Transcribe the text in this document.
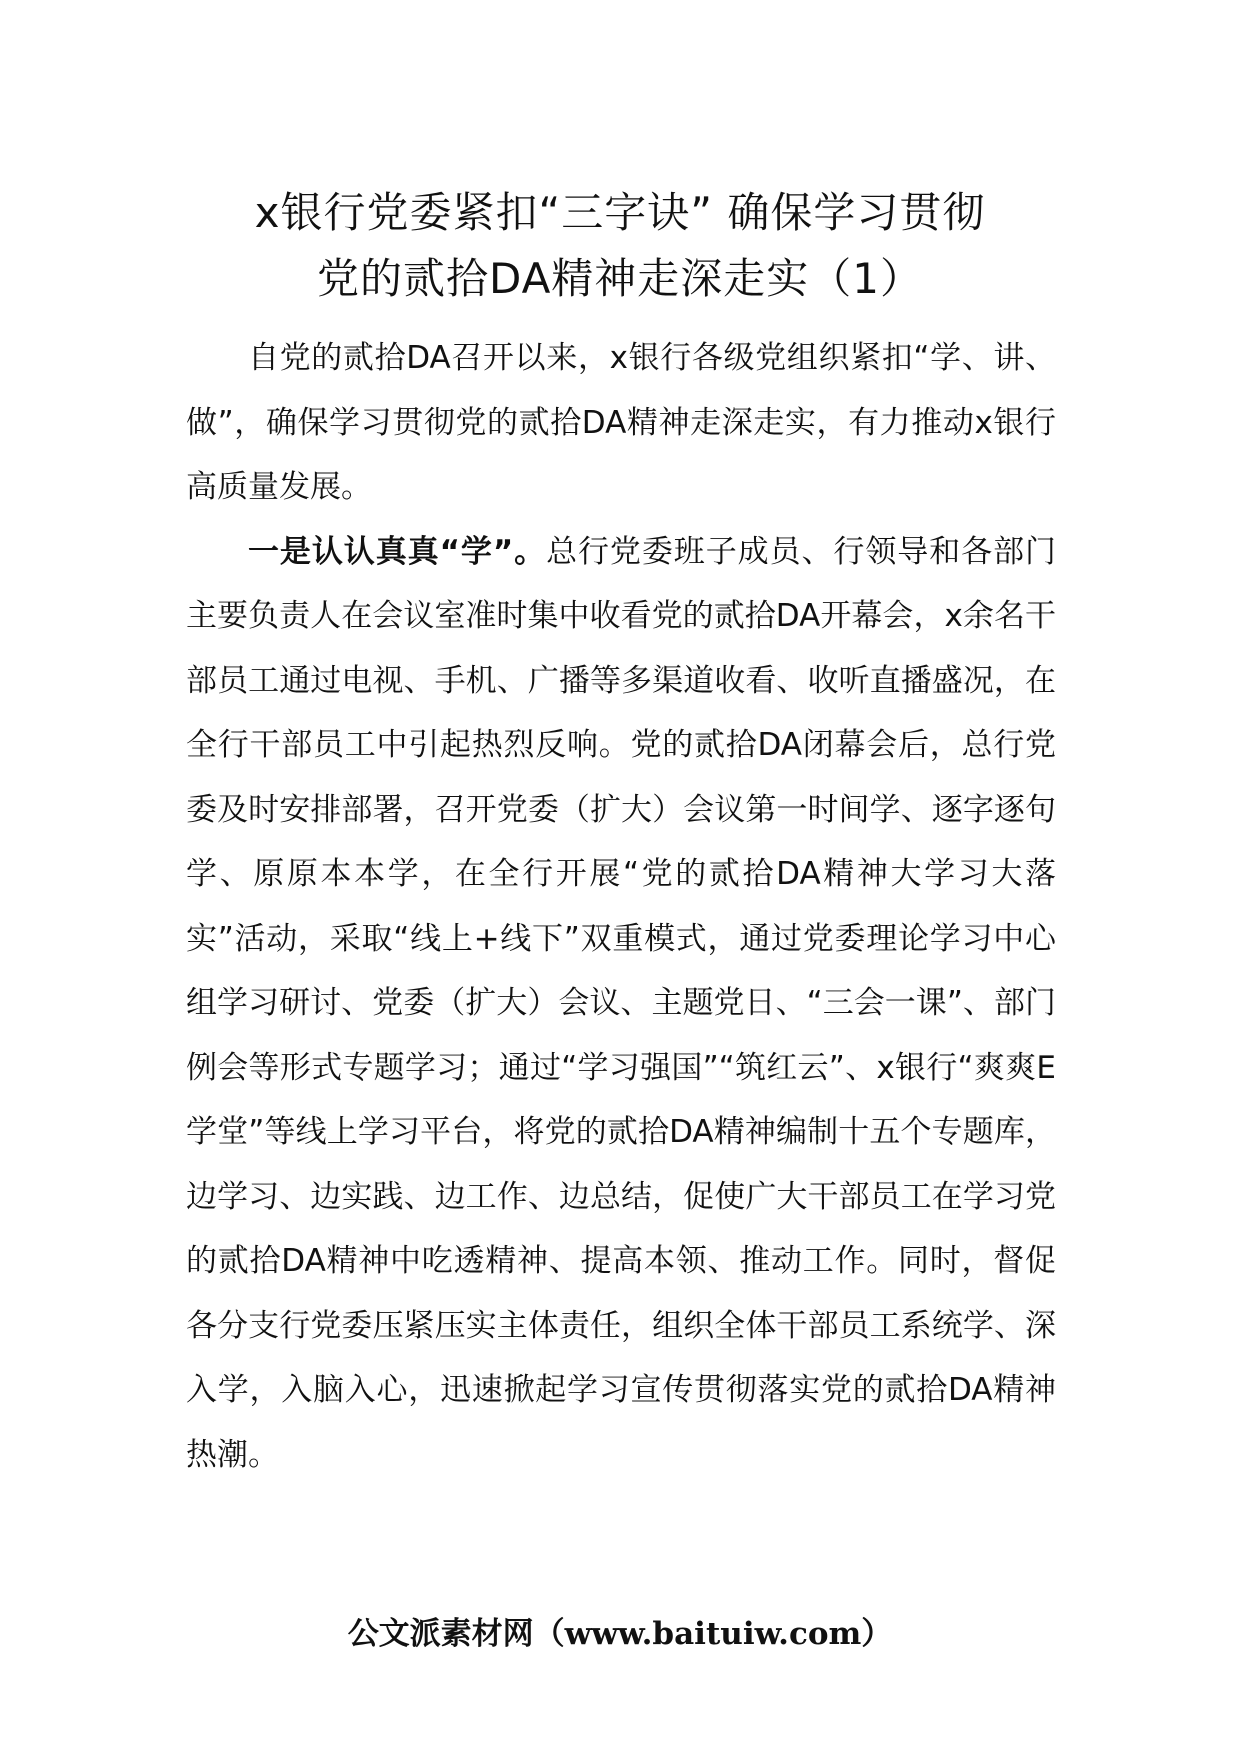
x银行党委紧扣“三字诀” 确保学习贯彻
党的贰拾DA精神走深走实（1）

自党的贰拾DA召开以来，x银行各级党组织紧扣“学、讲、做”，确保学习贯彻党的贰拾DA精神走深走实，有力推动x银行高质量发展。

一是认认真真“学”。总行党委班子成员、行领导和各部门主要负责人在会议室准时集中收看党的贰拾DA开幕会，x余名干部员工通过电视、手机、广播等多渠道收看、收听直播盛况，在全行干部员工中引起热烈反响。党的贰拾DA闭幕会后，总行党委及时安排部署，召开党委（扩大）会议第一时间学、逐字逐句学、原原本本学，在全行开展“党的贰拾DA精神大学习大落实”活动，采取“线上+线下”双重模式，通过党委理论学习中心组学习研讨、党委（扩大）会议、主题党日、“三会一课”、部门例会等形式专题学习；通过“学习强国”“筑红云”、x银行“爽爽E学堂”等线上学习平台，将党的贰拾DA精神编制十五个专题库，边学习、边实践、边工作、边总结，促使广大干部员工在学习党的贰拾DA精神中吃透精神、提高本领、推动工作。同时，督促各分支行党委压紧压实主体责任，组织全体干部员工系统学、深入学，入脑入心，迅速掀起学习宣传贯彻落实党的贰拾DA精神热潮。

公文派素材网（www.baituiw.com）
